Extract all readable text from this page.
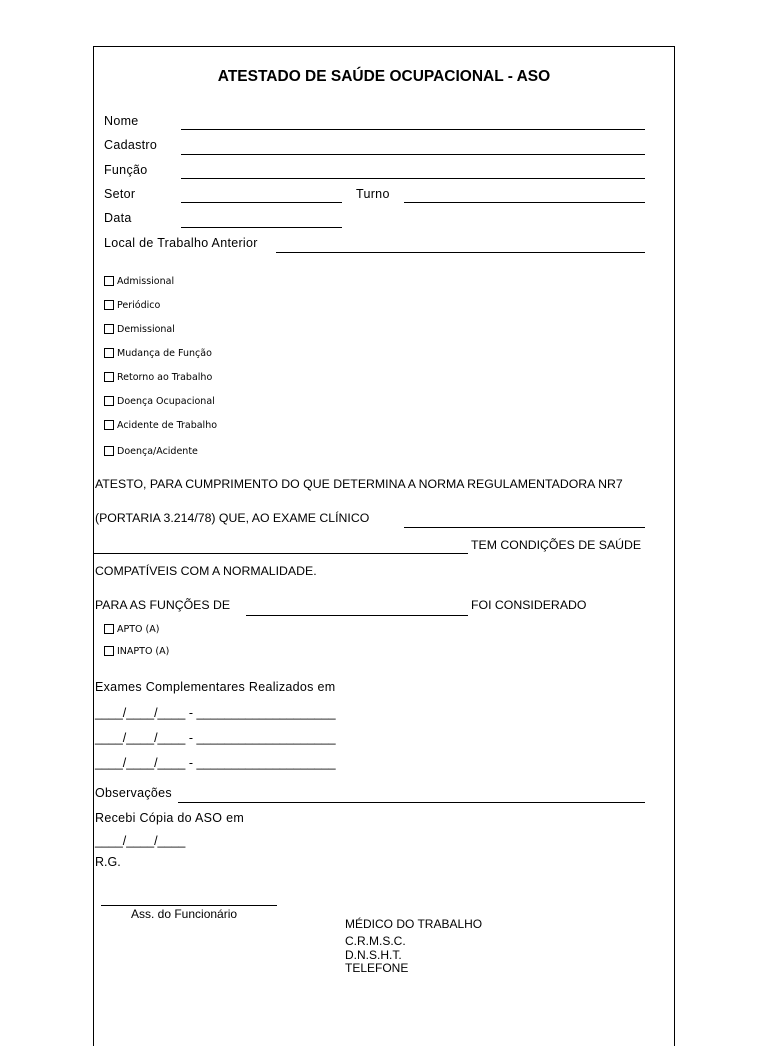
ATESTADO DE SAÚDE OCUPACIONAL - ASO
Nome
Cadastro
Função
Setor	Turno
Data
Local de Trabalho Anterior
Admissional
Periódico
Demissional
Mudança de Função
Retorno ao Trabalho
Doença Ocupacional
Acidente de Trabalho
Doença/Acidente
ATESTO, PARA CUMPRIMENTO DO QUE DETERMINA A NORMA REGULAMENTADORA NR7
(PORTARIA 3.214/78) QUE, AO EXAME CLÍNICO
TEM CONDIÇÕES DE SAÚDE
COMPATÍVEIS COM A NORMALIDADE.
PARA AS FUNÇÕES DE	FOI CONSIDERADO
APTO (A)
INAPTO (A)
Exames Complementares Realizados em
____/____/____ - ____________________
____/____/____ - ____________________
____/____/____ - ____________________
Observações
Recebi Cópia do ASO em
____/____/____
R.G.
Ass. do Funcionário
MÉDICO DO TRABALHO
C.R.M.S.C.
D.N.S.H.T.
TELEFONE
